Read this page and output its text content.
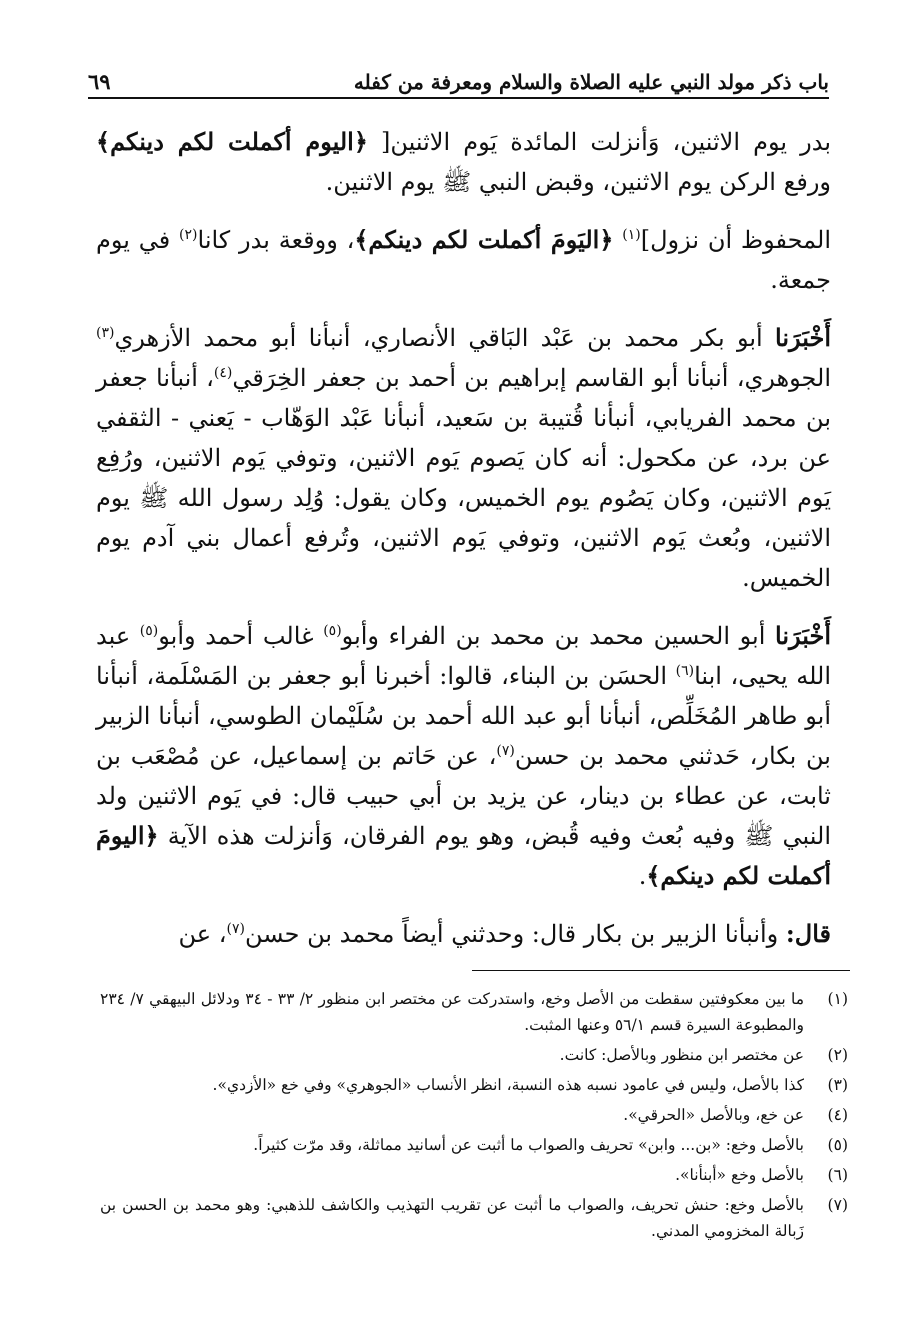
باب ذكر مولد النبي عليه الصلاة والسلام ومعرفة من كفله
٦٩

بدر يوم الاثنين، وَأنزلت المائدة يَوم الاثنين[ ﴿اليوم أكملت لكم دينكم﴾ ورفع الركن يوم الاثنين، وقبض النبي ﷺ يوم الاثنين.

المحفوظ أن نزول]$^{(١)}$ ﴿اليَومَ أكملت لكم دينكم﴾، ووقعة بدر كانا$^{(٢)}$ في يوم جمعة.

أَخْبَرَنا أبو بكر محمد بن عَبْد البَاقي الأنصاري، أنبأنا أبو محمد الأزهري$^{(٣)}$ الجوهري، أنبأنا أبو القاسم إبراهيم بن أحمد بن جعفر الخِرَقي$^{(٤)}$، أنبأنا جعفر بن محمد الفريابي، أنبأنا قُتيبة بن سَعيد، أنبأنا عَبْد الوَهّاب - يَعني - الثقفي عن برد، عن مكحول: أنه كان يَصوم يَوم الاثنين، وتوفي يَوم الاثنين، ورُفِع يَوم الاثنين، وكان يَصُوم يوم الخميس، وكان يقول: وُلِد رسول الله ﷺ يوم الاثنين، وبُعث يَوم الاثنين، وتوفي يَوم الاثنين، وتُرفع أعمال بني آدم يوم الخميس.

أَخْبَرَنا أبو الحسين محمد بن محمد بن الفراء وأبو$^{(٥)}$ غالب أحمد وأبو$^{(٥)}$ عبد الله يحيى، ابنا$^{(٦)}$ الحسَن بن البناء، قالوا: أخبرنا أبو جعفر بن المَسْلَمة، أنبأنا أبو طاهر المُخَلِّص، أنبأنا أبو عبد الله أحمد بن سُلَيْمان الطوسي، أنبأنا الزبير بن بكار، حَدثني محمد بن حسن$^{(٧)}$، عن حَاتم بن إسماعيل، عن مُصْعَب بن ثابت، عن عطاء بن دينار، عن يزيد بن أبي حبيب قال: في يَوم الاثنين ولد النبي ﷺ وفيه بُعث وفيه قُبض، وهو يوم الفرقان، وَأنزلت هذه الآية ﴿اليومَ أكملت لكم دينكم﴾.

قال: وأنبأنا الزبير بن بكار قال: وحدثني أيضاً محمد بن حسن$^{(٧)}$، عن

(١)
ما بين معكوفتين سقطت من الأصل وخع، واستدركت عن مختصر ابن منظور ٢/ ٣٣ - ٣٤ ودلائل البيهقي ٧/ ٢٣٤ والمطبوعة السيرة قسم ٥٦/١ وعنها المثبت.
(٢)
عن مختصر ابن منظور وبالأصل: كانت.
(٣)
كذا بالأصل، وليس في عامود نسبه هذه النسبة، انظر الأنساب «الجوهري» وفي خع «الأزدي».
(٤)
عن خع، وبالأصل «الحرقي».
(٥)
بالأصل وخع: «بن... وابن» تحريف والصواب ما أثبت عن أسانيد مماثلة، وقد مرّت كثيراً.
(٦)
بالأصل وخع «أبنأنا».
(٧)
بالأصل وخع: حنش تحريف، والصواب ما أثبت عن تقريب التهذيب والكاشف للذهبي: وهو محمد بن الحسن بن زَبالة المخزومي المدني.
